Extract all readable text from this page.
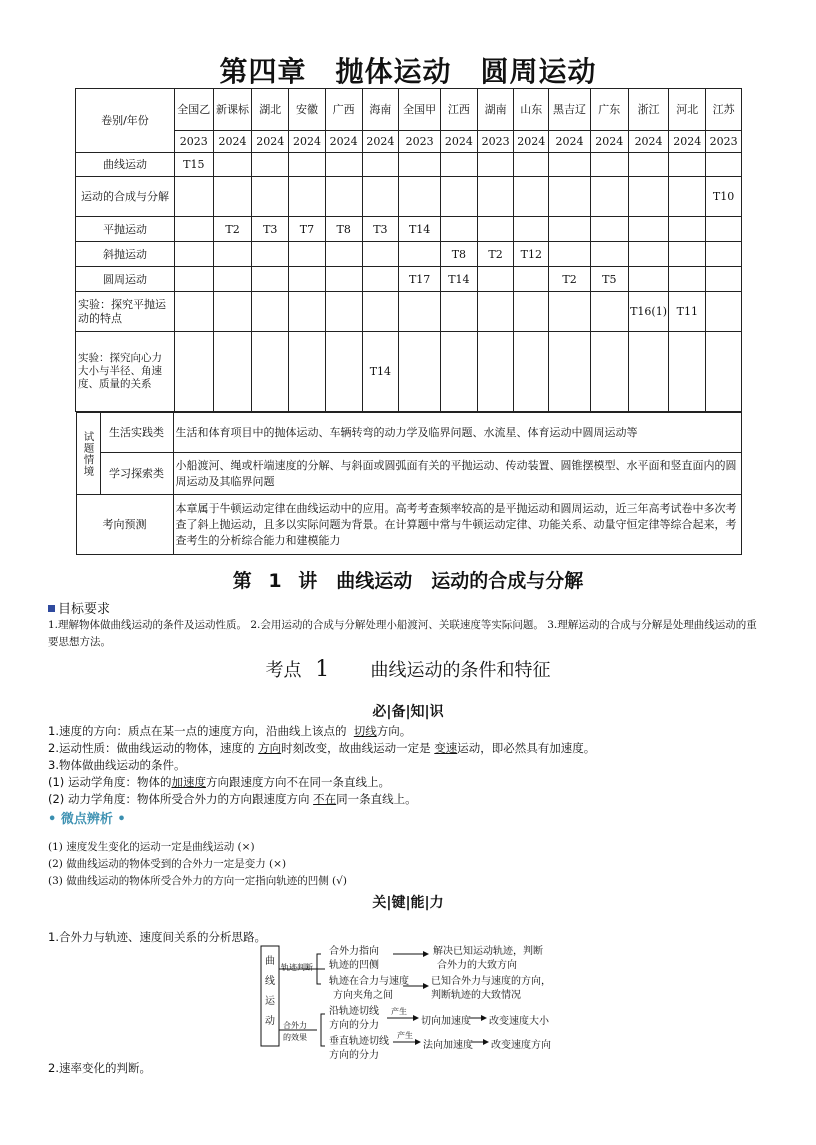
第四章　抛体运动　圆周运动
卷别/年份	全国乙	新课标	湖北	安徽	广西	海南	全国甲	江西	湖南	山东	黑吉辽	广东	浙江	河北	江苏
2023	2024	2024	2024	2024	2024	2023	2024	2023	2024	2024	2024	2024	2024	2023
曲线运动	T15														
运动的合成与分解															T10
平抛运动		T2	T3	T7	T8	T3	T14								
斜抛运动								T8	T2	T12					
圆周运动							T17	T14			T2	T5			
实验：探究平抛运动的特点													T16(1)	T11	
实验：探究向心力大小与半径、角速度、质量的关系						T14									

试题情境	生活实践类	生活和体育项目中的抛体运动、车辆转弯的动力学及临界问题、水流星、体育运动中圆周运动等
学习探索类	小船渡河、绳或杆端速度的分解、与斜面或圆弧面有关的平抛运动、传动装置、圆锥摆模型、水平面和竖直面内的圆周运动及其临界问题
考向预测	本章属于牛顿运动定律在曲线运动中的应用。高考考查频率较高的是平抛运动和圆周运动，近三年高考试卷中多次考查了斜上抛运动，且多以实际问题为背景。在计算题中常与牛顿运动定律、功能关系、动量守恒定律等综合起来，考查考生的分析综合能力和建模能力
第 1 讲　曲线运动　运动的合成与分解
目标要求
1.理解物体做曲线运动的条件及运动性质。 2.会用运动的合成与分解处理小船渡河、关联速度等实际问题。 3.理解运动的合成与分解是处理曲线运动的重要思想方法。
考点 1 曲线运动的条件和特征
必|备|知|识
1.速度的方向：质点在某一点的速度方向，沿曲线上该点的 切线方向。
2.运动性质：做曲线运动的物体，速度的 方向时刻改变，故曲线运动一定是 变速运动，即必然具有加速度。
3.物体做曲线运动的条件。
(1) 运动学角度：物体的加速度方向跟速度方向不在同一条直线上。
(2) 动力学角度：物体所受合外力的方向跟速度方向 不在同一条直线上。
• 微点辨析 •
(1) 速度发生变化的运动一定是曲线运动 (×)
(2) 做曲线运动的物体受到的合外力一定是变力 (×)
(3) 做曲线运动的物体所受合外力的方向一定指向轨迹的凹侧 (√)
关|键|能|力
1.合外力与轨迹、速度间关系的分析思路。
曲
线
运
动
轨迹判断
合外力
的效果
合外力指向
轨迹的凹侧
轨迹在合力与速度
方向夹角之间
解决已知运动轨迹，判断
合外力的大致方向
已知合外力与速度的方向，
判断轨迹的大致情况
沿轨迹切线
方向的分力
产生
切向加速度 改变速度大小
垂直轨迹切线
方向的分力
产生
法向加速度 改变速度方向
2.速率变化的判断。
